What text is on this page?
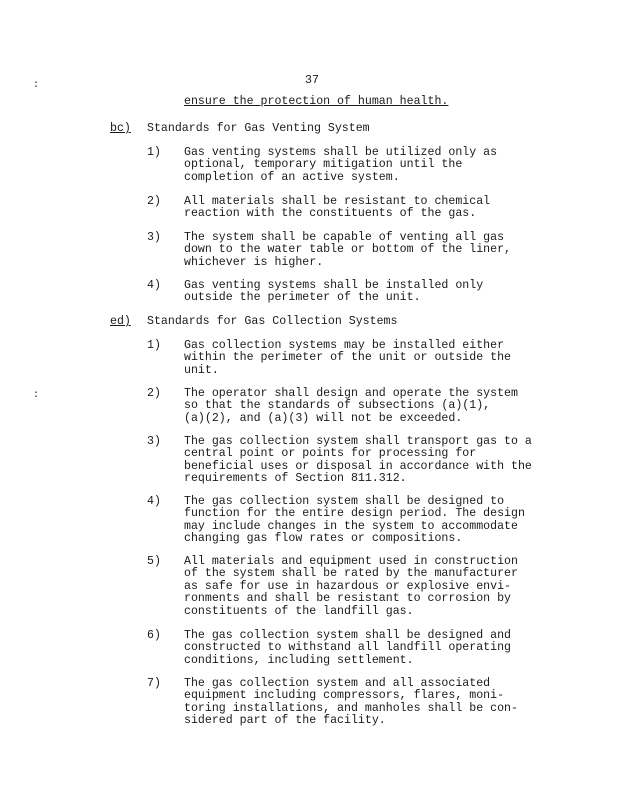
37
:
:
ensure the protection of human health.
bc) Standards for Gas Venting System
1) Gas venting systems shall be utilized only as
optional, temporary mitigation until the
completion of an active system.
2) All materials shall be resistant to chemical
reaction with the constituents of the gas.
3) The system shall be capable of venting all gas
down to the water table or bottom of the liner,
whichever is higher.
4) Gas venting systems shall be installed only
outside the perimeter of the unit.
ed) Standards for Gas Collection Systems
1) Gas collection systems may be installed either
within the perimeter of the unit or outside the
unit.
2) The operator shall design and operate the system
so that the standards of subsections (a)(1),
(a)(2), and (a)(3) will not be exceeded.
3) The gas collection system shall transport gas to a
central point or points for processing for
beneficial uses or disposal in accordance with the
requirements of Section 811.312.
4) The gas collection system shall be designed to
function for the entire design period. The design
may include changes in the system to accommodate
changing gas flow rates or compositions.
5) All materials and equipment used in construction
of the system shall be rated by the manufacturer
as safe for use in hazardous or explosive envi-
ronments and shall be resistant to corrosion by
constituents of the landfill gas.
6) The gas collection system shall be designed and
constructed to withstand all landfill operating
conditions, including settlement.
7) The gas collection system and all associated
equipment including compressors, flares, moni-
toring installations, and manholes shall be con-
sidered part of the facility.
